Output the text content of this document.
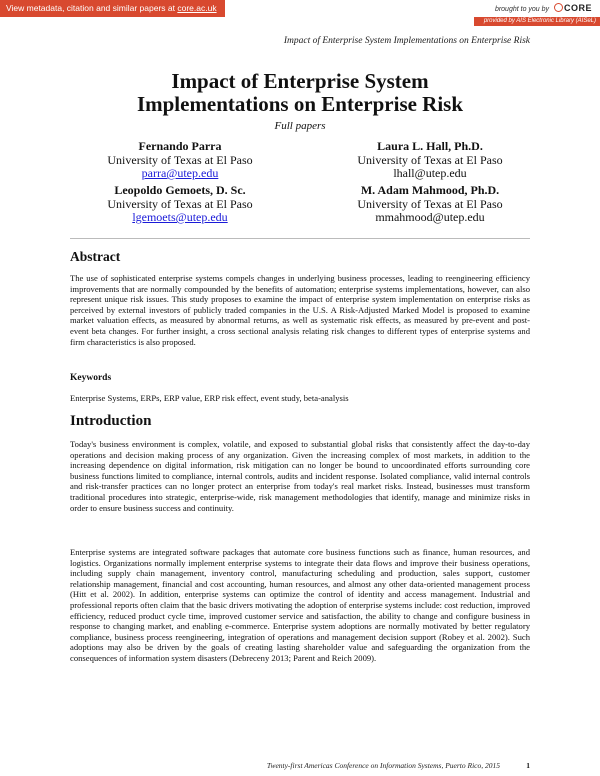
View metadata, citation and similar papers at core.ac.uk	brought to you by CORE
provided by AIS Electronic Library (AISeL)
Impact of Enterprise System Implementations on Enterprise Risk
Impact of Enterprise System
Implementations on Enterprise Risk
Full papers
Fernando Parra
University of Texas at El Paso
parra@utep.edu
Laura L. Hall, Ph.D.
University of Texas at El Paso
lhall@utep.edu
Leopoldo Gemoets, D. Sc.
University of Texas at El Paso
lgemoets@utep.edu
M. Adam Mahmood, Ph.D.
University of Texas at El Paso
mmahmood@utep.edu
Abstract
The use of sophisticated enterprise systems compels changes in underlying business processes, leading to reengineering efficiency improvements that are normally compounded by the benefits of automation; enterprise systems implementations, however, can also represent unique risk issues. This study proposes to examine the impact of enterprise system implementation on enterprise risks as perceived by external investors of publicly traded companies in the U.S. A Risk-Adjusted Marked Model is proposed to examine market valuation effects, as measured by abnormal returns, as well as systematic risk effects, as measured by pre-event and post-event beta changes. For further insight, a cross sectional analysis relating risk changes to different types of enterprise systems and firm characteristics is also proposed.
Keywords
Enterprise Systems, ERPs, ERP value, ERP risk effect, event study, beta-analysis
Introduction
Today's business environment is complex, volatile, and exposed to substantial global risks that consistently affect the day-to-day operations and decision making process of any organization. Given the increasing complex of most markets, in addition to the increasing dependence on digital information, risk mitigation can no longer be bound to uncoordinated efforts surrounding core business functions limited to compliance, internal controls, audits and incident response. Isolated compliance, valid internal controls and risk-transfer practices can no longer protect an enterprise from today's real market risks. Instead, businesses must transform traditional procedures into strategic, enterprise-wide, risk management methodologies that identify, manage and minimize risks in order to ensure business success and continuity.
Enterprise systems are integrated software packages that automate core business functions such as finance, human resources, and logistics. Organizations normally implement enterprise systems to integrate their data flows and improve their business operations, including supply chain management, inventory control, manufacturing scheduling and production, sales support, customer relationship management, financial and cost accounting, human resources, and almost any other data-oriented management process (Hitt et al. 2002). In addition, enterprise systems can optimize the control of identity and access management. Industrial and professional reports often claim that the basic drivers motivating the adoption of enterprise systems include: cost reduction, improved efficiency, reduced product cycle time, improved customer service and satisfaction, the ability to change and configure business in response to changing market, and enabling e-commerce. Enterprise system adoptions are normally motivated by better regulatory compliance, business process reengineering, integration of operations and management decision support (Robey et al. 2002). Such adoptions may also be driven by the goals of creating lasting shareholder value and safeguarding the organization from the consequences of information system disasters (Debreceny 2013; Parent and Reich 2009).
Twenty-first Americas Conference on Information Systems, Puerto Rico, 2015	1
